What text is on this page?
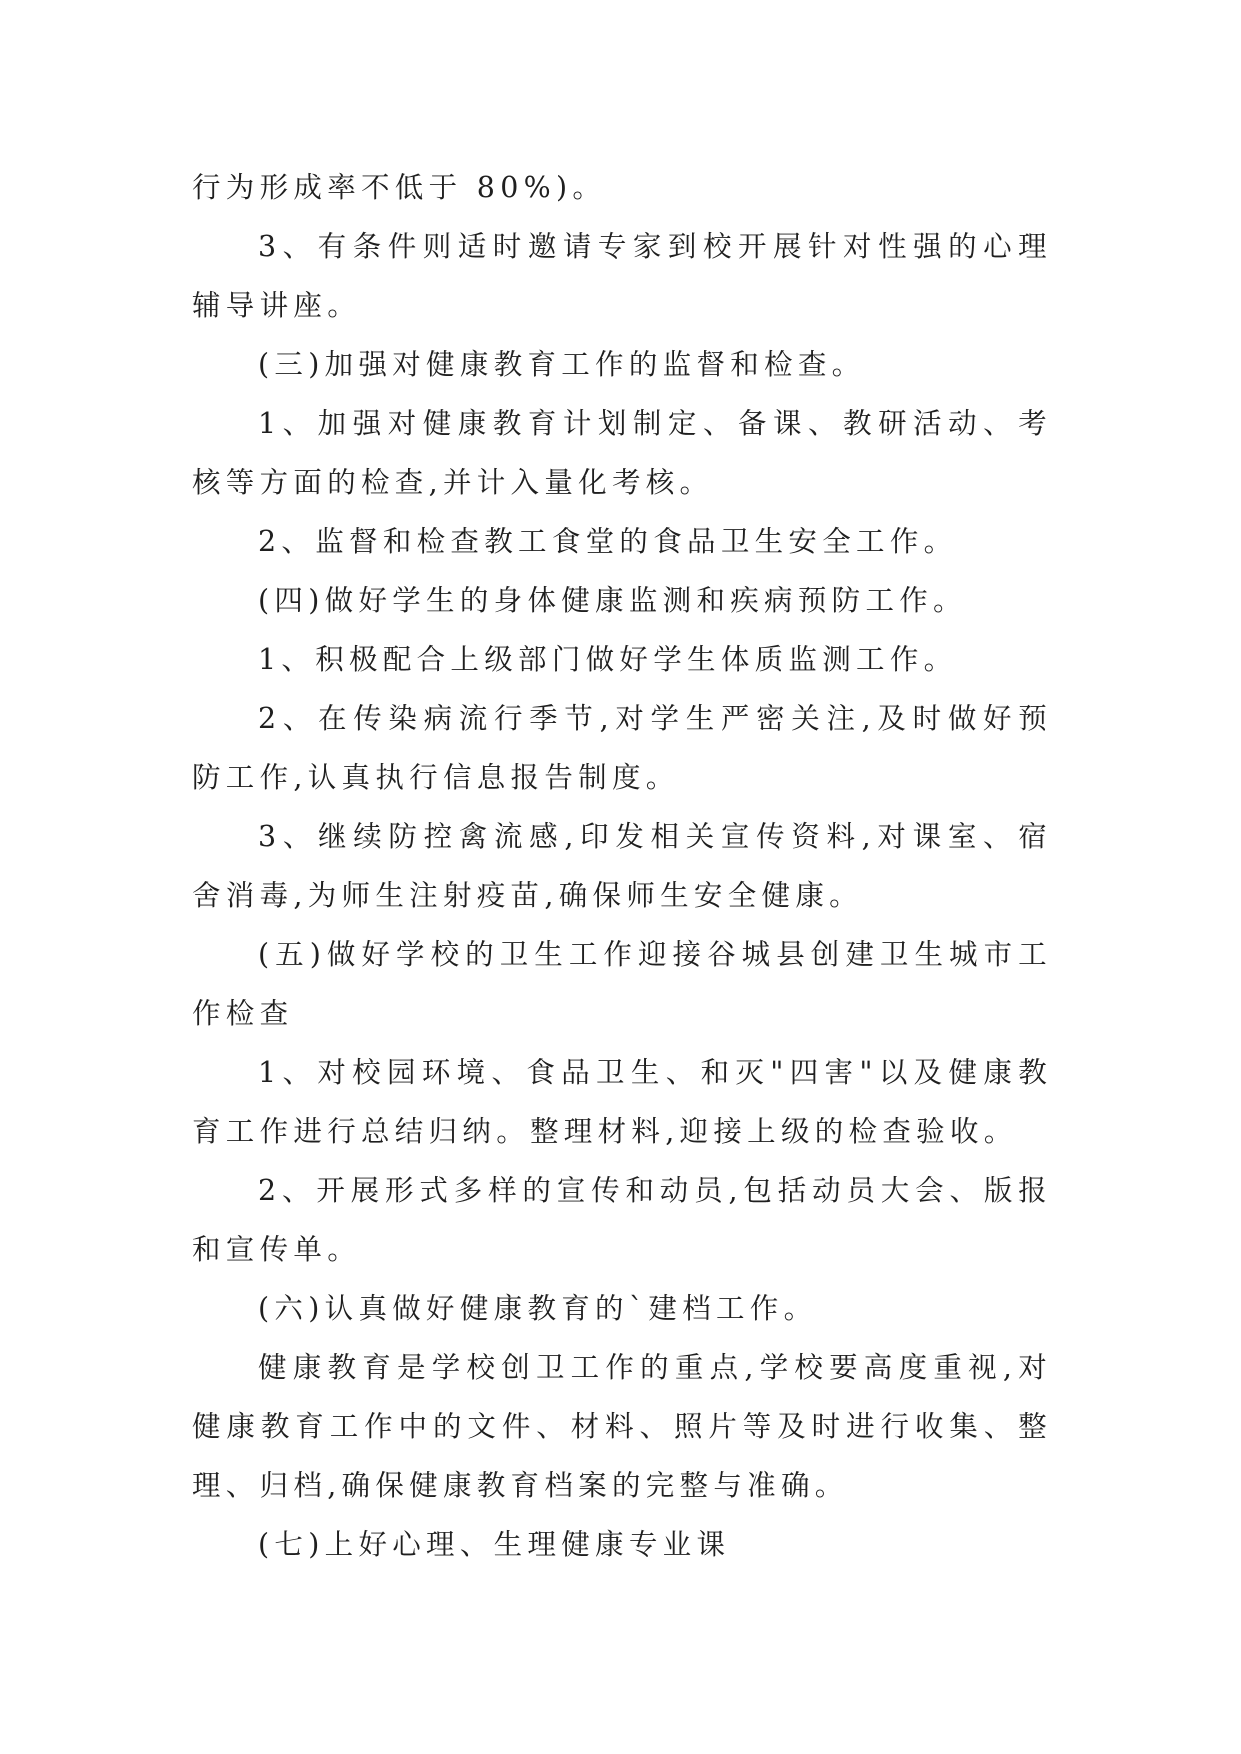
行为形成率不低于 80%)。

3、有条件则适时邀请专家到校开展针对性强的心理辅导讲座。

(三)加强对健康教育工作的监督和检查。

1、加强对健康教育计划制定、备课、教研活动、考核等方面的检查,并计入量化考核。

2、监督和检查教工食堂的食品卫生安全工作。

(四)做好学生的身体健康监测和疾病预防工作。

1、积极配合上级部门做好学生体质监测工作。

2、在传染病流行季节,对学生严密关注,及时做好预防工作,认真执行信息报告制度。

3、继续防控禽流感,印发相关宣传资料,对课室、宿舍消毒,为师生注射疫苗,确保师生安全健康。

(五)做好学校的卫生工作迎接谷城县创建卫生城市工作检查

1、对校园环境、食品卫生、和灭"四害"以及健康教育工作进行总结归纳。整理材料,迎接上级的检查验收。

2、开展形式多样的宣传和动员,包括动员大会、版报和宣传单。

(六)认真做好健康教育的`建档工作。

健康教育是学校创卫工作的重点,学校要高度重视,对健康教育工作中的文件、材料、照片等及时进行收集、整理、归档,确保健康教育档案的完整与准确。

(七)上好心理、生理健康专业课
